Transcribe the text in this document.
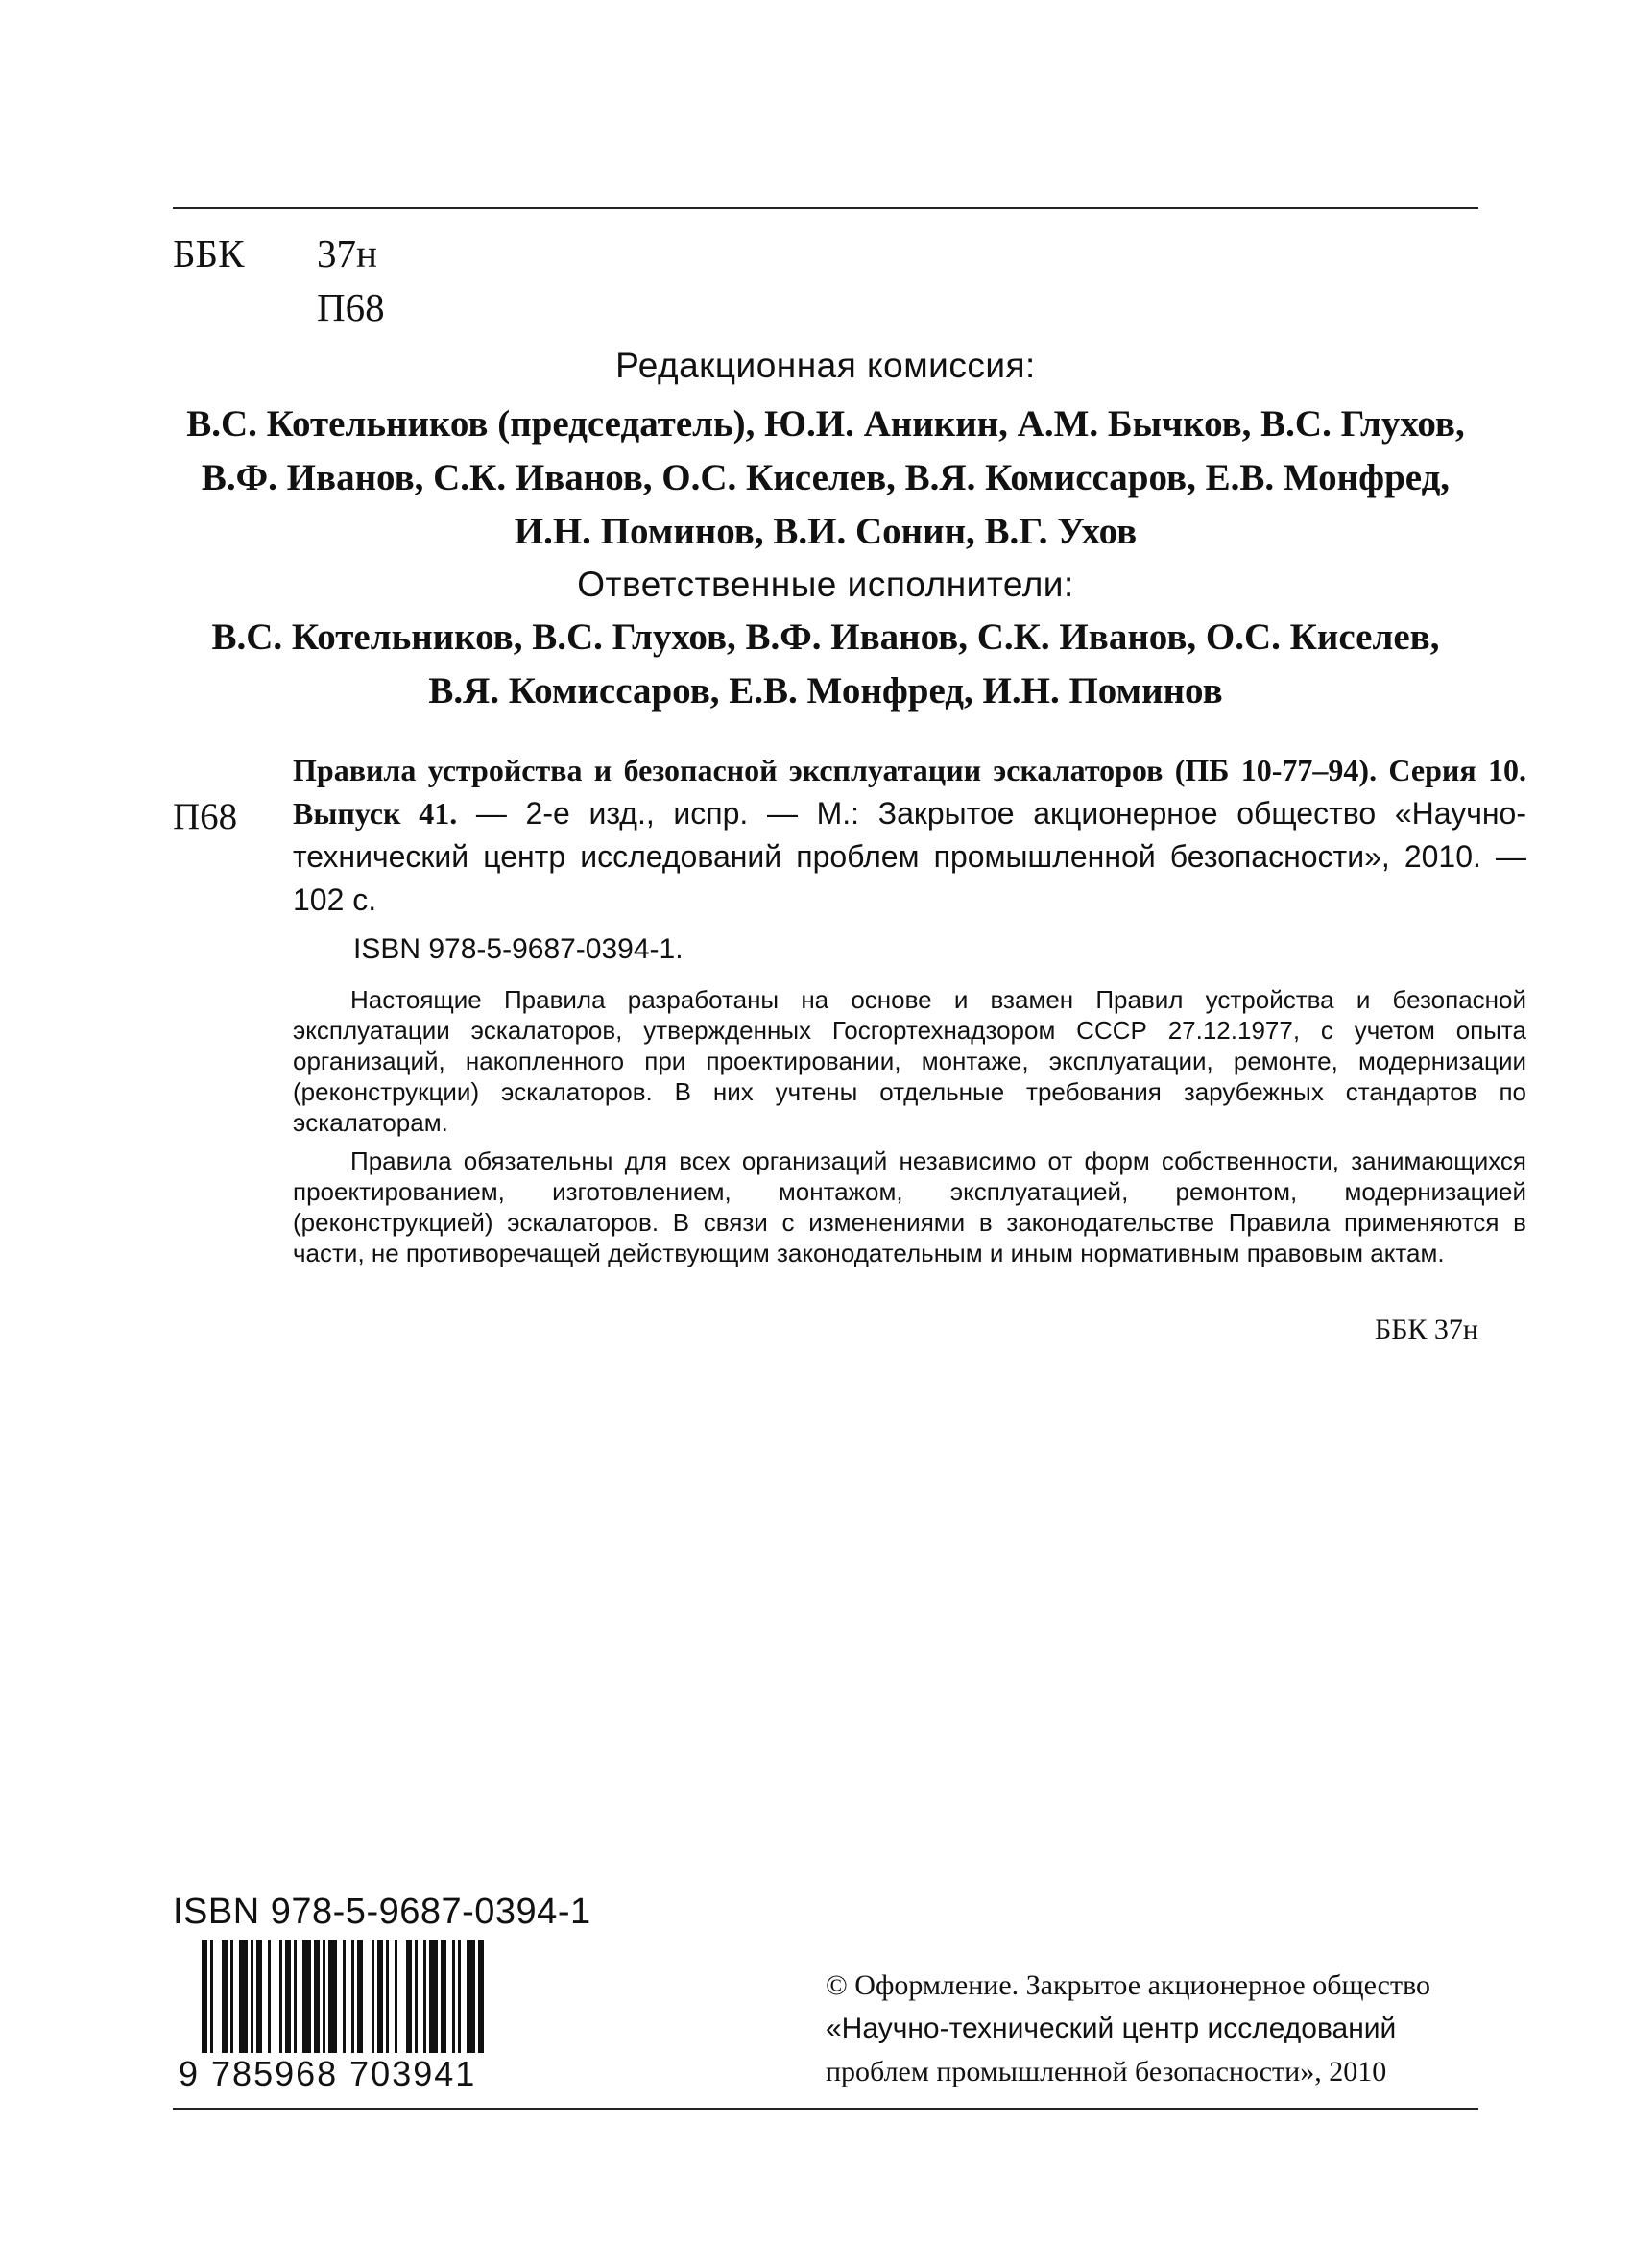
ББК 37н
П68
Редакционная комиссия:
В.С. Котельников (председатель), Ю.И. Аникин, А.М. Бычков, В.С. Глухов,
В.Ф. Иванов, С.К. Иванов, О.С. Киселев, В.Я. Комиссаров, Е.В. Монфред,
И.Н. Поминов, В.И. Сонин, В.Г. Ухов
Ответственные исполнители:
В.С. Котельников, В.С. Глухов, В.Ф. Иванов, С.К. Иванов, О.С. Киселев,
В.Я. Комиссаров, Е.В. Монфред, И.Н. Поминов
П68
Правила устройства и безопасной эксплуатации эскалаторов (ПБ 10-77–94). Серия 10. Выпуск 41. — 2-е изд., испр. — М.: Закрытое акционерное общество «Научно-технический центр исследований проблем промышленной безопасности», 2010. — 102 с.
ISBN 978-5-9687-0394-1.

Настоящие Правила разработаны на основе и взамен Правил устройства и безопасной эксплуатации эскалаторов, утвержденных Госгортехнадзором СССР 27.12.1977, с учетом опыта организаций, накопленного при проектировании, монтаже, эксплуатации, ремонте, модернизации (реконструкции) эскалаторов. В них учтены отдельные требования зарубежных стандартов по эскалаторам.

Правила обязательны для всех организаций независимо от форм собственности, занимающихся проектированием, изготовлением, монтажом, эксплуатацией, ремонтом, модернизацией (реконструкцией) эскалаторов. В связи с изменениями в законодательстве Правила применяются в части, не противоречащей действующим законодательным и иным нормативным правовым актам.

ББК 37н
ISBN 978-5-9687-0394-1
9 785968 703941
© Оформление. Закрытое акционерное общество
«Научно-технический центр исследований
проблем промышленной безопасности», 2010
